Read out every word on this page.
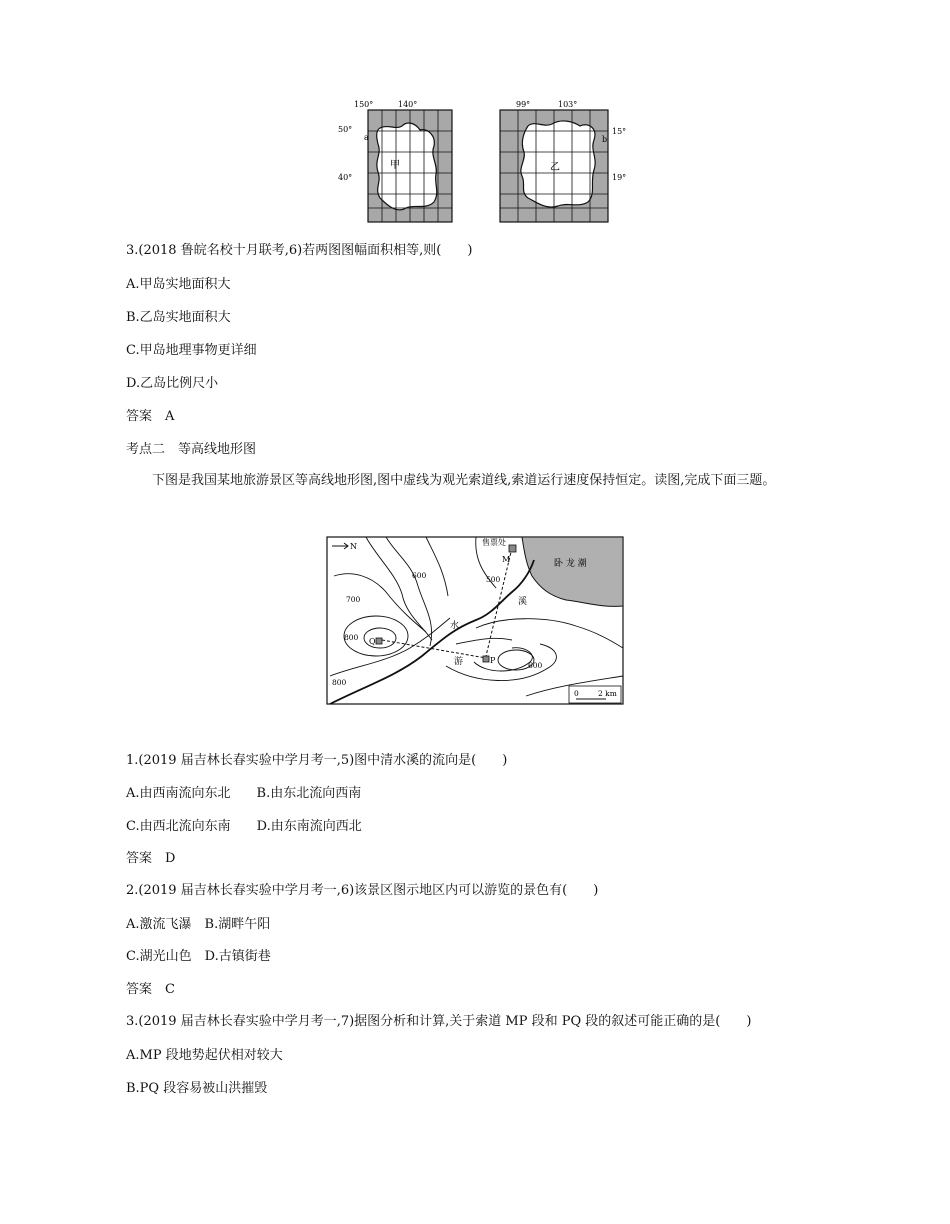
150°	140°
50°
40°
a
甲
99°	103°
15°
19°
b
乙
3.(2018 鲁皖名校十月联考,6)若两图图幅面积相等,则(　　)
A.甲岛实地面积大
B.乙岛实地面积大
C.甲岛地理事物更详细
D.乙岛比例尺小
答案　A
考点二　等高线地形图
下图是我国某地旅游景区等高线地形图,图中虚线为观光索道线,索道运行速度保持恒定。读图,完成下面三题。
N	售票处
卧 龙 潮
溪
水
游
600	500
700
800
600
800
M
Q
P
0	2 km
1.(2019 届吉林长春实验中学月考一,5)图中清水溪的流向是(　　)
A.由西南流向东北　　B.由东北流向西南
C.由西北流向东南　　D.由东南流向西北
答案　D
2.(2019 届吉林长春实验中学月考一,6)该景区图示地区内可以游览的景色有(　　)
A.激流飞瀑　B.湖畔午阳
C.湖光山色　D.古镇街巷
答案　C
3.(2019 届吉林长春实验中学月考一,7)据图分析和计算,关于索道 MP 段和 PQ 段的叙述可能正确的是(　　)
A.MP 段地势起伏相对较大
B.PQ 段容易被山洪摧毁
